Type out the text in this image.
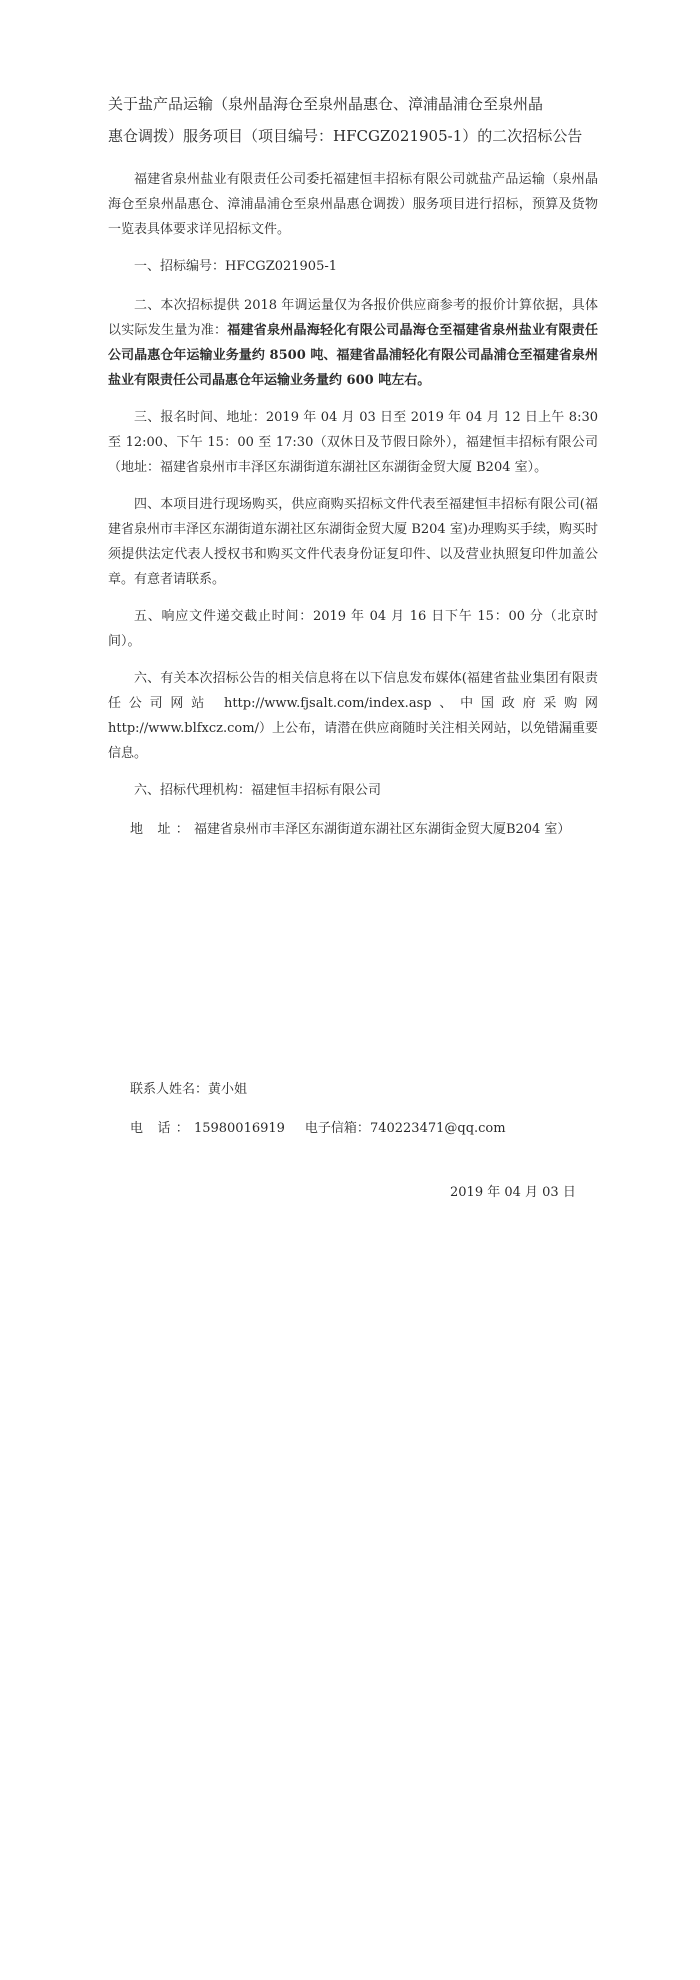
关于盐产品运输（泉州晶海仓至泉州晶惠仓、漳浦晶浦仓至泉州晶
惠仓调拨）服务项目（项目编号：HFCGZ021905-1）的二次招标公告

福建省泉州盐业有限责任公司委托福建恒丰招标有限公司就盐产品运输（泉州晶海仓至泉州晶惠仓、漳浦晶浦仓至泉州晶惠仓调拨）服务项目进行招标，预算及货物一览表具体要求详见招标文件。

一、招标编号：HFCGZ021905-1

二、本次招标提供 2018 年调运量仅为各报价供应商参考的报价计算依据，具体以实际发生量为准：福建省泉州晶海轻化有限公司晶海仓至福建省泉州盐业有限责任公司晶惠仓年运输业务量约 8500 吨、福建省晶浦轻化有限公司晶浦仓至福建省泉州盐业有限责任公司晶惠仓年运输业务量约 600 吨左右。

三、报名时间、地址：2019 年 04 月 03 日至 2019 年 04 月 12 日上午 8:30 至 12:00、下午 15：00 至 17:30（双休日及节假日除外），福建恒丰招标有限公司（地址：福建省泉州市丰泽区东湖街道东湖社区东湖街金贸大厦 B204 室）。

四、本项目进行现场购买，供应商购买招标文件代表至福建恒丰招标有限公司(福建省泉州市丰泽区东湖街道东湖社区东湖街金贸大厦 B204 室)办理购买手续，购买时须提供法定代表人授权书和购买文件代表身份证复印件、以及营业执照复印件加盖公章。有意者请联系。

五、响应文件递交截止时间：2019 年 04 月 16 日下午 15：00 分（北京时间）。

六、有关本次招标公告的相关信息将在以下信息发布媒体(福建省盐业集团有限责任公司网站 http://www.fjsalt.com/index.asp、中国政府采购网 http://www.blfxcz.com/）上公布，请潜在供应商随时关注相关网站，以免错漏重要信息。

六、招标代理机构：福建恒丰招标有限公司

地 址：福建省泉州市丰泽区东湖街道东湖社区东湖街金贸大厦B204 室）

联系人姓名：黄小姐
电 话：15980016919 电子信箱：740223471@qq.com
2019 年 04 月 03 日
